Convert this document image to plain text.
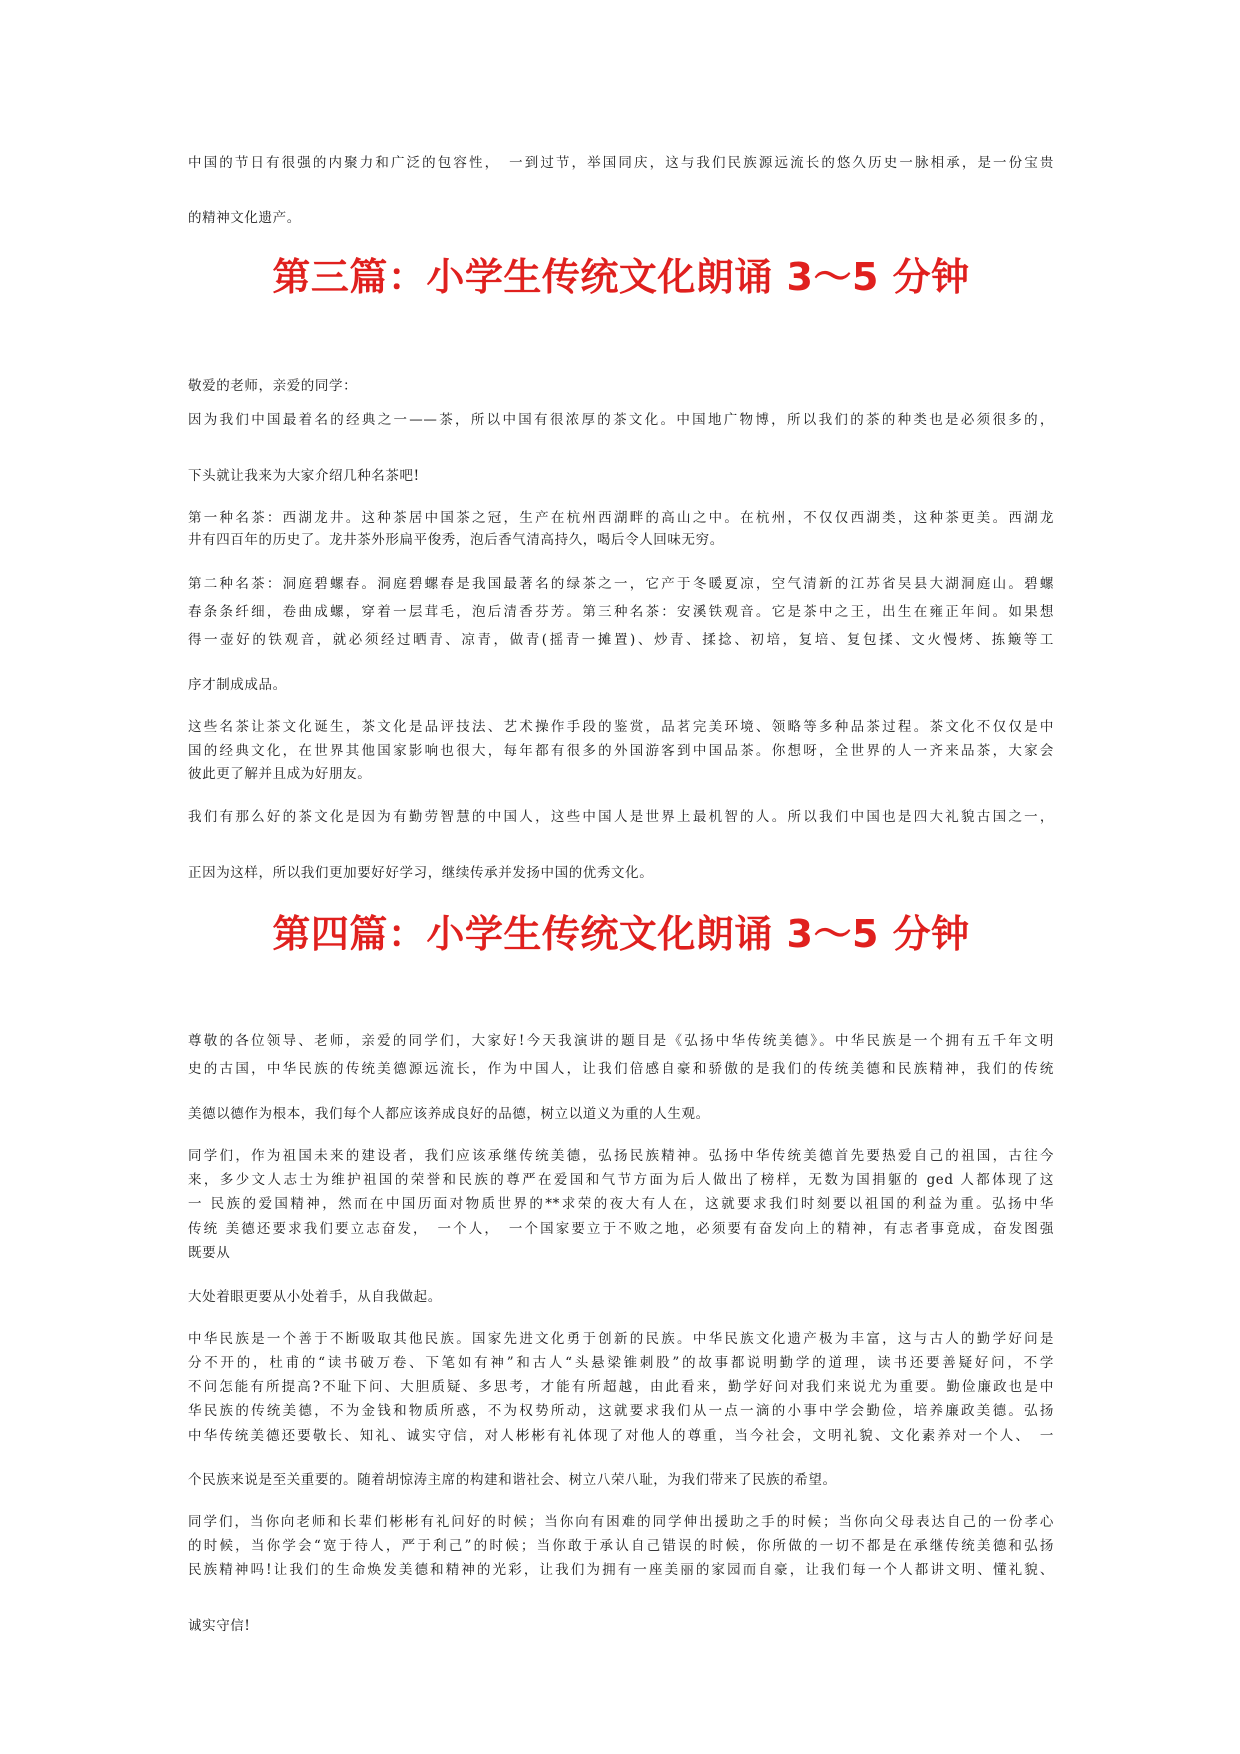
中国的节日有很强的内聚力和广泛的包容性，　一到过节，举国同庆，这与我们民族源远流长的悠久历史一脉相承，是一份宝贵
的精神文化遗产。
第三篇：小学生传统文化朗诵 3～5 分钟
敬爱的老师，亲爱的同学：
因为我们中国最着名的经典之一——茶，所以中国有很浓厚的茶文化。中国地广物博，所以我们的茶的种类也是必须很多的，
下头就让我来为大家介绍几种名茶吧!
第一种名茶：西湖龙井。这种茶居中国茶之冠，生产在杭州西湖畔的高山之中。在杭州，不仅仅西湖类，这种茶更美。西湖龙
井有四百年的历史了。龙井茶外形扁平俊秀，泡后香气清高持久，喝后令人回味无穷。
第二种名茶：洞庭碧螺春。洞庭碧螺春是我国最著名的绿茶之一，它产于冬暖夏凉，空气清新的江苏省吴县大湖洞庭山。碧螺
春条条纤细，卷曲成螺，穿着一层茸毛，泡后清香芬芳。第三种名茶：安溪铁观音。它是茶中之王，出生在雍正年间。如果想
得一壶好的铁观音，就必须经过晒青、凉青，做青(摇青一摊置)、炒青、揉捻、初培，复培、复包揉、文火慢烤、拣簸等工
序才制成成品。
这些名茶让茶文化诞生，茶文化是品评技法、艺术操作手段的鉴赏，品茗完美环境、领略等多种品茶过程。茶文化不仅仅是中
国的经典文化，在世界其他国家影响也很大，每年都有很多的外国游客到中国品茶。你想呀，全世界的人一齐来品茶，大家会
彼此更了解并且成为好朋友。
我们有那么好的茶文化是因为有勤劳智慧的中国人，这些中国人是世界上最机智的人。所以我们中国也是四大礼貌古国之一，
正因为这样，所以我们更加要好好学习，继续传承并发扬中国的优秀文化。
第四篇：小学生传统文化朗诵 3～5 分钟
尊敬的各位领导、老师，亲爱的同学们，大家好!今天我演讲的题目是《弘扬中华传统美德》。中华民族是一个拥有五千年文明
史的古国，中华民族的传统美德源远流长，作为中国人，让我们倍感自豪和骄傲的是我们的传统美德和民族精神，我们的传统
美德以德作为根本，我们每个人都应该养成良好的品德，树立以道义为重的人生观。
同学们，作为祖国未来的建设者，我们应该承继传统美德，弘扬民族精神。弘扬中华传统美德首先要热爱自己的祖国，古往今
来，多少文人志士为维护祖国的荣誉和民族的尊严在爱国和气节方面为后人做出了榜样，无数为国捐躯的 ged 人都体现了这
一 民族的爱国精神，然而在中国历面对物质世界的**求荣的夜大有人在，这就要求我们时刻要以祖国的利益为重。弘扬中华
传统 美德还要求我们要立志奋发，　一个人，　一个国家要立于不败之地，必须要有奋发向上的精神，有志者事竟成，奋发图强
既要从
大处着眼更要从小处着手，从自我做起。
中华民族是一个善于不断吸取其他民族。国家先进文化勇于创新的民族。中华民族文化遗产极为丰富，这与古人的勤学好问是
分不开的，杜甫的“读书破万卷、下笔如有神”和古人“头悬梁锥刺股”的故事都说明勤学的道理，读书还要善疑好问，不学
不问怎能有所提高?不耻下问、大胆质疑、多思考，才能有所超越，由此看来，勤学好问对我们来说尤为重要。勤俭廉政也是中
华民族的传统美德，不为金钱和物质所惑，不为权势所动，这就要求我们从一点一滴的小事中学会勤俭，培养廉政美德。弘扬
中华传统美德还要敬长、知礼、诚实守信，对人彬彬有礼体现了对他人的尊重，当今社会，文明礼貌、文化素养对一个人、　一
个民族来说是至关重要的。随着胡惊涛主席的构建和谐社会、树立八荣八耻，为我们带来了民族的希望。
同学们，当你向老师和长辈们彬彬有礼问好的时候；当你向有困难的同学伸出援助之手的时候；当你向父母表达自己的一份孝心
的时候，当你学会“宽于待人，严于利己”的时候；当你敢于承认自己错误的时候，你所做的一切不都是在承继传统美德和弘扬
民族精神吗!让我们的生命焕发美德和精神的光彩，让我们为拥有一座美丽的家园而自豪，让我们每一个人都讲文明、懂礼貌、
诚实守信!
